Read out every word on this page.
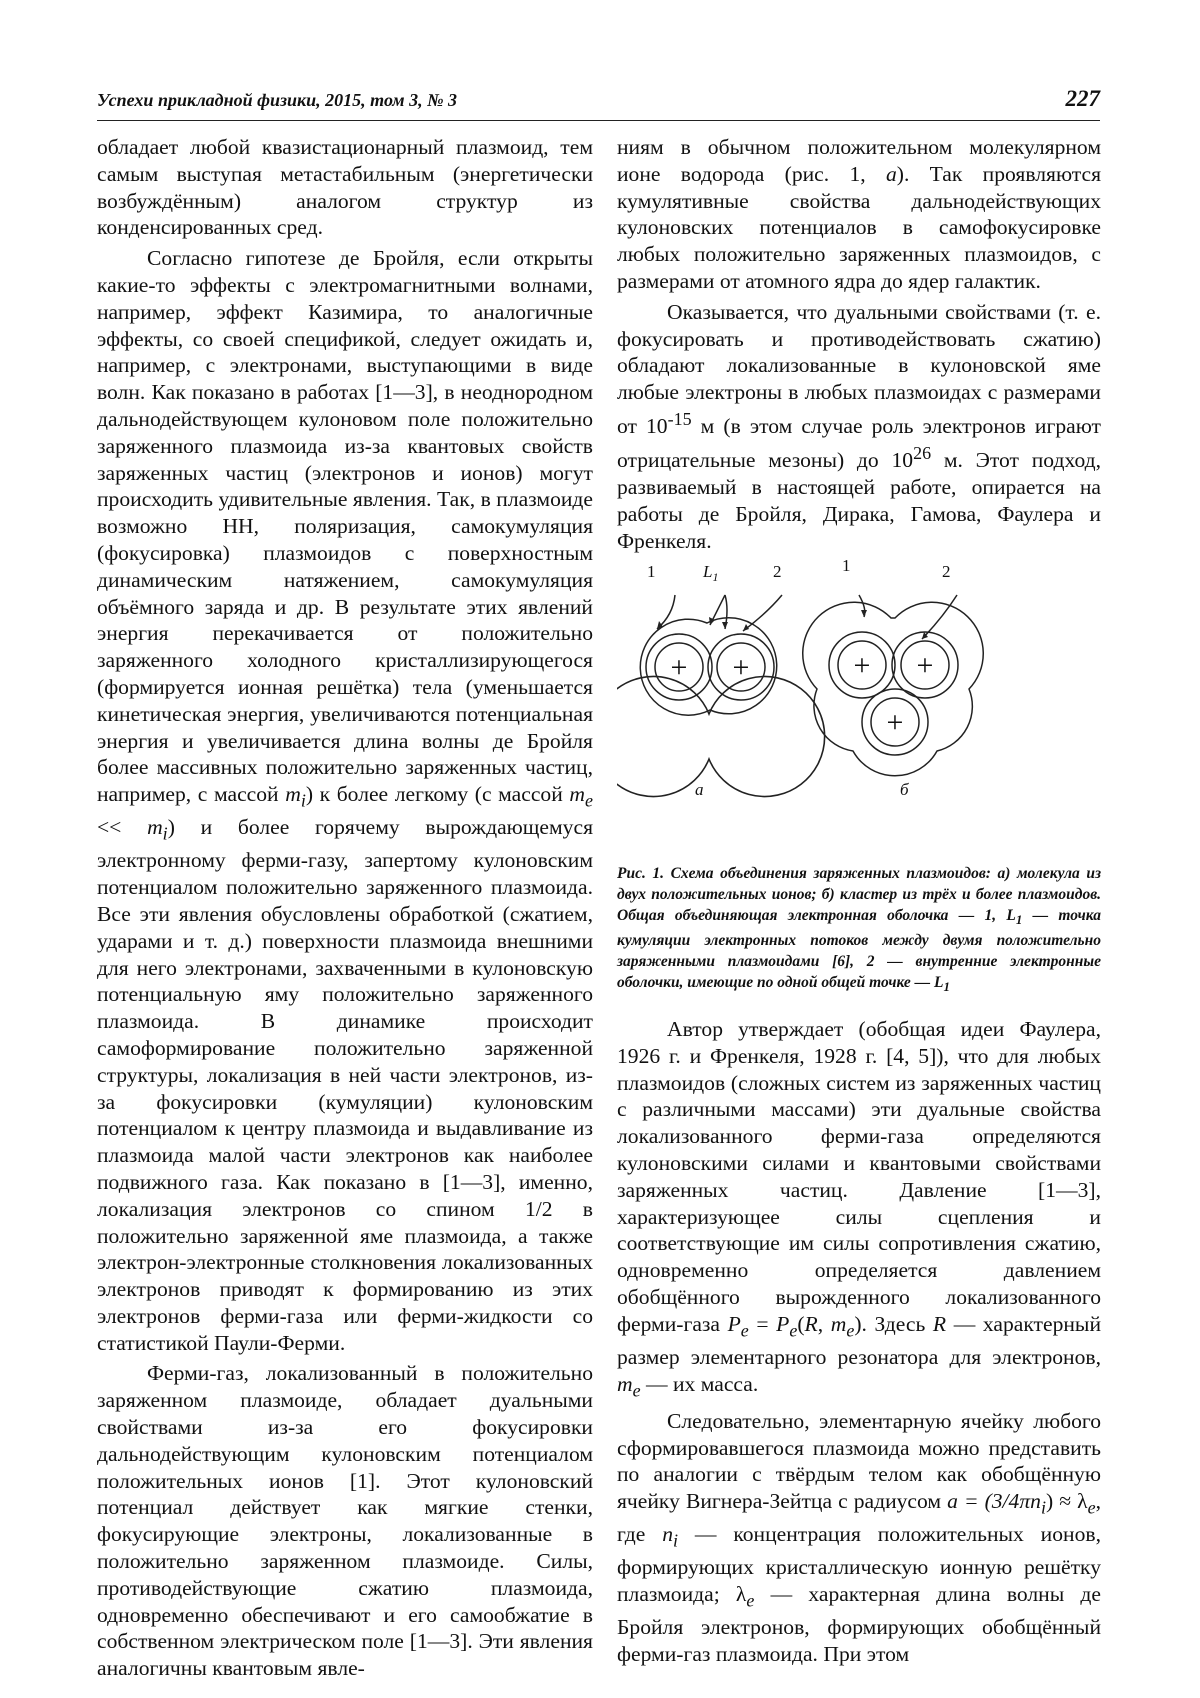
Успехи прикладной физики, 2015, том 3, № 3	227

обладает любой квазистационарный плазмоид, тем самым выступая метастабильным (энергетически возбуждённым) аналогом структур из конденсированных сред.

Согласно гипотезе де Бройля, если открыты какие-то эффекты с электромагнитными волнами, например, эффект Казимира, то аналогичные эффекты, со своей спецификой, следует ожидать и, например, с электронами, выступающими в виде волн. Как показано в работах [1—3], в неоднородном дальнодействующем кулоновом поле положительно заряженного плазмоида из-за квантовых свойств заряженных частиц (электронов и ионов) могут происходить удивительные явления. Так, в плазмоиде возможно НН, поляризация, самокумуляция (фокусировка) плазмоидов с поверхностным динамическим натяжением, самокумуляция объёмного заряда и др. В результате этих явлений энергия перекачивается от положительно заряженного холодного кристаллизирующегося (формируется ионная решётка) тела (уменьшается кинетическая энергия, увеличиваются потенциальная энергия и увеличивается длина волны де Бройля более массивных положительно заряженных частиц, например, с массой $m_i$) к более легкому (с массой $m_e << m_i$) и более горячему вырождающемуся электронному ферми-газу, запертому кулоновским потенциалом положительно заряженного плазмоида. Все эти явления обусловлены обработкой (сжатием, ударами и т. д.) поверхности плазмоида внешними для него электронами, захваченными в кулоновскую потенциальную яму положительно заряженного плазмоида. В динамике происходит самоформирование положительно заряженной структуры, локализация в ней части электронов, из-за фокусировки (кумуляции) кулоновским потенциалом к центру плазмоида и выдавливание из плазмоида малой части электронов как наиболее подвижного газа. Как показано в [1—3], именно, локализация электронов со спином 1/2 в положительно заряженной яме плазмоида, а также электрон-электронные столкновения локализованных электронов приводят к формированию из этих электронов ферми-газа или ферми-жидкости со статистикой Паули-Ферми.

Ферми-газ, локализованный в положительно заряженном плазмоиде, обладает дуальными свойствами из-за его фокусировки дальнодействующим кулоновским потенциалом положительных ионов [1]. Этот кулоновский потенциал действует как мягкие стенки, фокусирующие электроны, локализованные в положительно заряженном плазмоиде. Силы, противодействующие сжатию плазмоида, одновременно обеспечивают и его самообжатие в собственном электрическом поле [1—3]. Эти явления аналогичны квантовым явле-

ниям в обычном положительном молекулярном ионе водорода (рис. 1, а). Так проявляются кумулятивные свойства дальнодействующих кулоновских потенциалов в самофокусировке любых положительно заряженных плазмоидов, с размерами от атомного ядра до ядер галактик.

Оказывается, что дуальными свойствами (т. е. фокусировать и противодействовать сжатию) обладают локализованные в кулоновской яме любые электроны в любых плазмоидах с размерами от $10^{-15}$ м (в этом случае роль электронов играют отрицательные мезоны) до $10^{26}$ м. Этот подход, развиваемый в настоящей работе, опирается на работы де Бройля, Дирака, Гамова, Фаулера и Френкеля.

+ +	+ +
+
1	$L_1$	2	1	2
а	б
Рис. 1. Схема объединения заряженных плазмоидов: а) молекула из двух положительных ионов; б) кластер из трёх и более плазмоидов. Общая объединяющая электронная оболочка — 1, $L_1$ — точка кумуляции электронных потоков между двумя положительно заряженными плазмоидами [6], 2 — внутренние электронные оболочки, имеющие по одной общей точке — $L_1$

Автор утверждает (обобщая идеи Фаулера, 1926 г. и Френкеля, 1928 г. [4, 5]), что для любых плазмоидов (сложных систем из заряженных частиц с различными массами) эти дуальные свойства локализованного ферми-газа определяются кулоновскими силами и квантовыми свойствами заряженных частиц. Давление [1—3], характеризующее силы сцепления и соответствующие им силы сопротивления сжатию, одновременно определяется давлением обобщённого вырожденного локализованного ферми-газа $P_e = P_e(R$, $m_e$). Здесь R — характерный размер элементарного резонатора для электронов, $m_e$ — их масса.

Следовательно, элементарную ячейку любого сформировавшегося плазмоида можно представить по аналогии с твёрдым телом как обобщённую ячейку Вигнера-Зейтца с радиусом $a = (3/4\pi n_i) \approx \lambda_e$, где $n_i$ — концентрация положительных ионов, формирующих кристаллическую ионную решётку плазмоида; $\lambda_e$ — характерная длина волны де Бройля электронов, формирующих обобщённый ферми-газ плазмоида. При этом
